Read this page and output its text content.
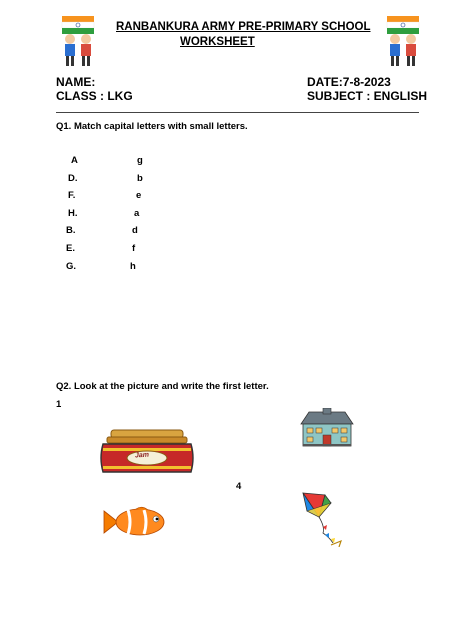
RANBANKURA ARMY PRE-PRIMARY SCHOOL
WORKSHEET
NAME:
CLASS : LKG
DATE:7-8-2023
SUBJECT : ENGLISH
Q1. Match capital letters with small letters.
A
D.
F.
H.
B.
E.
G.
g
b
e
a
d
f
h
Q2. Look at the picture and write the first letter.
1
4
Jam
